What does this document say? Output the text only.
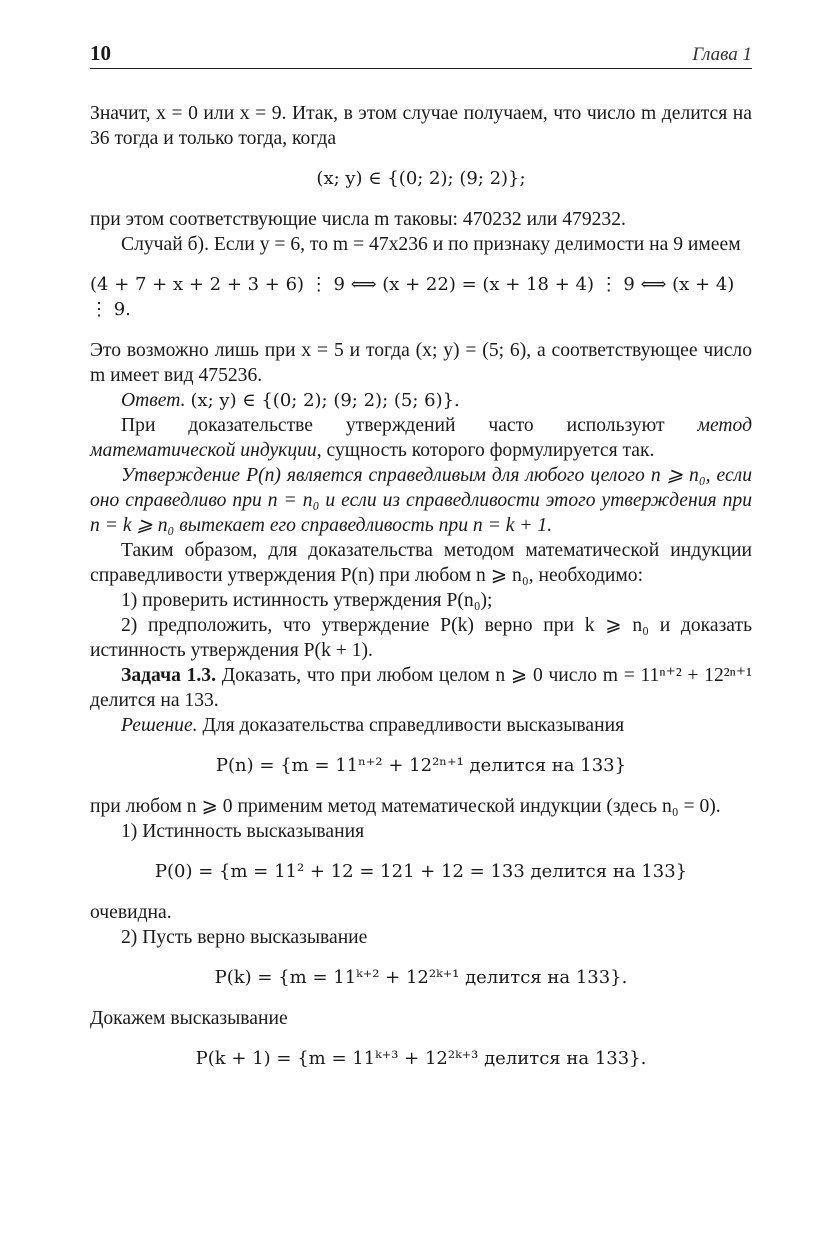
10	Глава 1

Значит, x = 0 или x = 9. Итак, в этом случае получаем, что число m делится на 36 тогда и только тогда, когда

(x; y) ∈ {(0; 2); (9; 2)};

при этом соответствующие числа m таковы: 470232 или 479232.

Случай б). Если y = 6, то m = 47x236 и по признаку делимости на 9 имеем

(4 + 7 + x + 2 + 3 + 6) ⋮ 9 ⟺ (x + 22) = (x + 18 + 4) ⋮ 9 ⟺ (x + 4) ⋮ 9.

Это возможно лишь при x = 5 и тогда (x; y) = (5; 6), а соответствующее число m имеет вид 475236.

Ответ. (x; y) ∈ {(0; 2); (9; 2); (5; 6)}.

При доказательстве утверждений часто используют метод математической индукции, сущность которого формулируется так.

Утверждение P(n) является справедливым для любого целого n ⩾ n₀, если оно справедливо при n = n₀ и если из справедливости этого утверждения при n = k ⩾ n₀ вытекает его справедливость при n = k + 1.

Таким образом, для доказательства методом математической индукции справедливости утверждения P(n) при любом n ⩾ n₀, необходимо:

1) проверить истинность утверждения P(n₀);

2) предположить, что утверждение P(k) верно при k ⩾ n₀ и доказать истинность утверждения P(k + 1).

Задача 1.3. Доказать, что при любом целом n ⩾ 0 число m = 11ⁿ⁺² + 12²ⁿ⁺¹ делится на 133.

Решение. Для доказательства справедливости высказывания

P(n) = {m = 11ⁿ⁺² + 12²ⁿ⁺¹ делится на 133}

при любом n ⩾ 0 применим метод математической индукции (здесь n₀ = 0).

1) Истинность высказывания

P(0) = {m = 11² + 12 = 121 + 12 = 133 делится на 133}

очевидна.

2) Пусть верно высказывание

P(k) = {m = 11ᵏ⁺² + 12²ᵏ⁺¹ делится на 133}.

Докажем высказывание

P(k + 1) = {m = 11ᵏ⁺³ + 12²ᵏ⁺³ делится на 133}.
